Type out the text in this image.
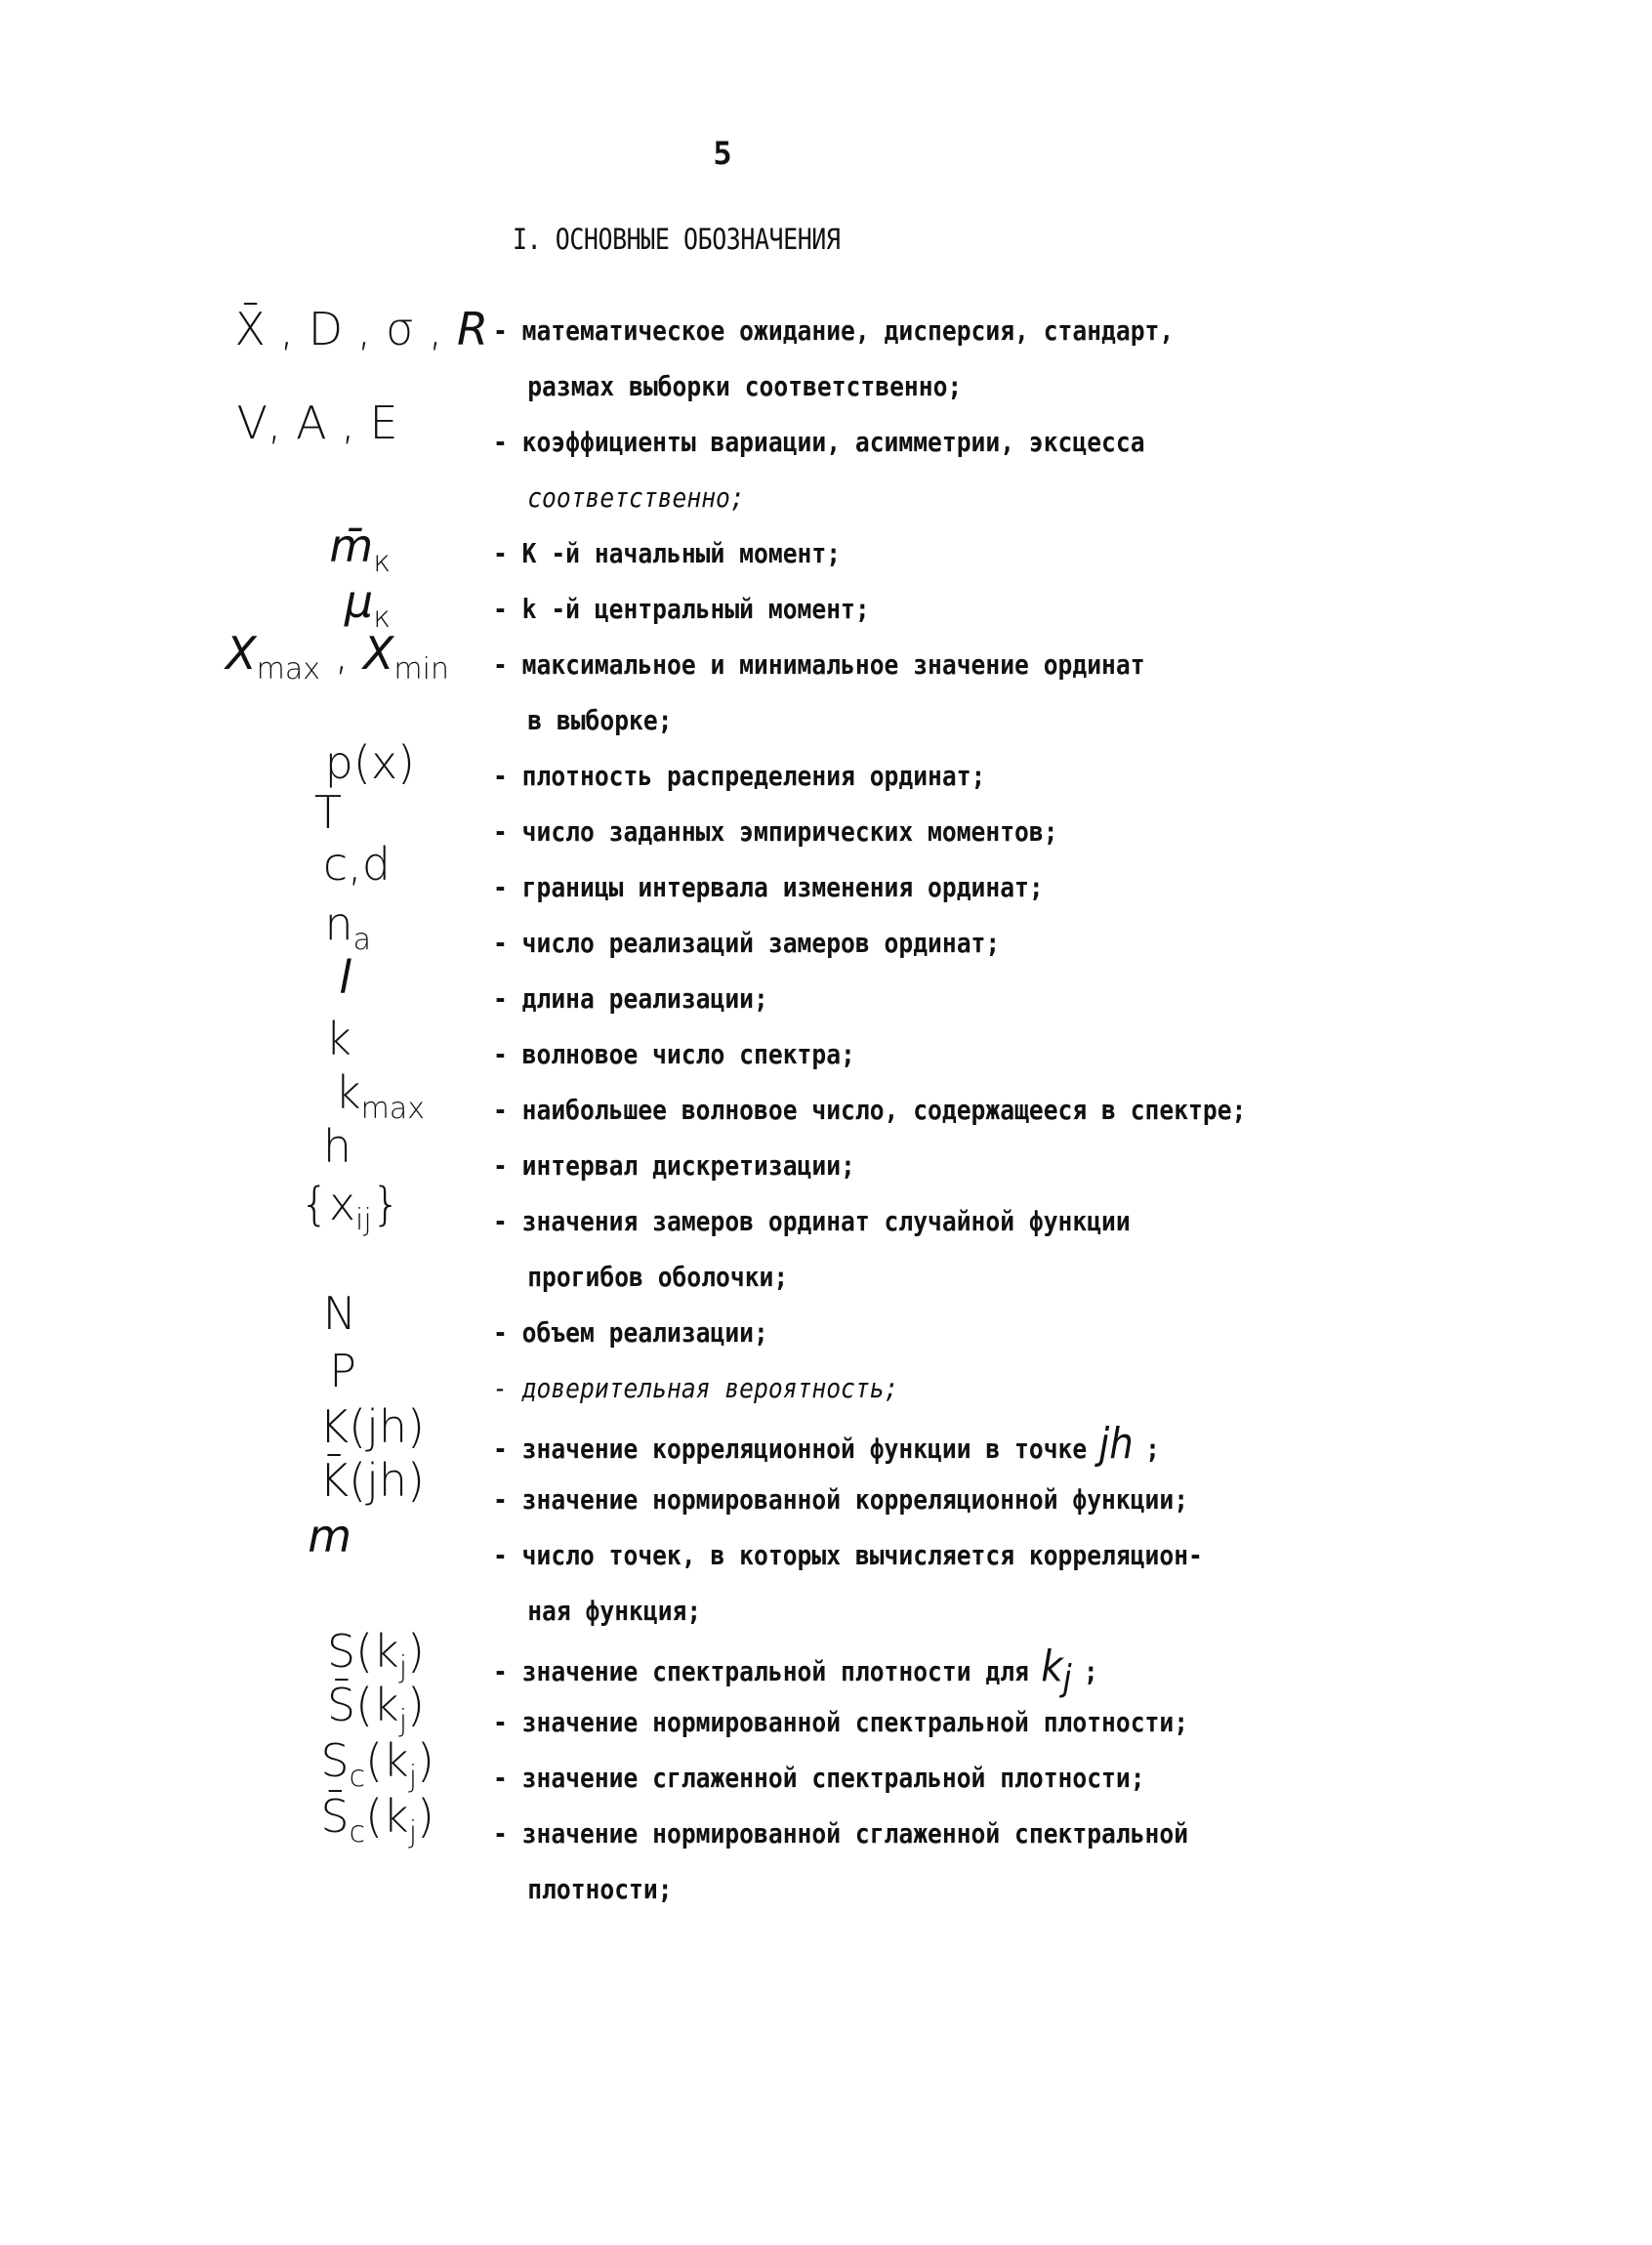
5
I. ОСНОВНЫЕ ОБОЗНАЧЕНИЯ
X̄ , D , σ , R - математическое ожидание, дисперсия, стандарт,
размах выборки соответственно;
V, A , E	- коэффициенты вариации, асимметрии, эксцесса
соответственно;
$m̄_к$	- K -й начальный момент;
$\mu_к$	- k -й центральный момент;
$X_{max}$ , $X_{min}$ - максимальное и минимальное значение ординат
в выборке;
p(x)	- плотность распределения ординат;
T	- число заданных эмпирических моментов;
c,d	- границы интервала изменения ординат;
$n_a$	- число реализаций замеров ординат;
l	- длина реализации;
k	- волновое число спектра;
$k_{max}$	- наибольшее волновое число, содержащееся в спектре;
h	- интервал дискретизации;
$\{x_{ij}\}$	- значения замеров ординат случайной функции
прогибов оболочки;
N	- объем реализации;
P	- доверительная вероятность;
K(jh)	- значение корреляционной функции в точке jh ;
K̄(jh)	- значение нормированной корреляционной функции;
m	- число точек, в которых вычисляется корреляцион-
ная функция;
$S(k_j)$	- значение спектральной плотности для $k_j$ ;
$S̄(k_j)$	- значение нормированной спектральной плотности;
$S_c(k_j)$ - значение сглаженной спектральной плотности;
$S̄_c(k_j)$ - значение нормированной сглаженной спектральной
плотности;
